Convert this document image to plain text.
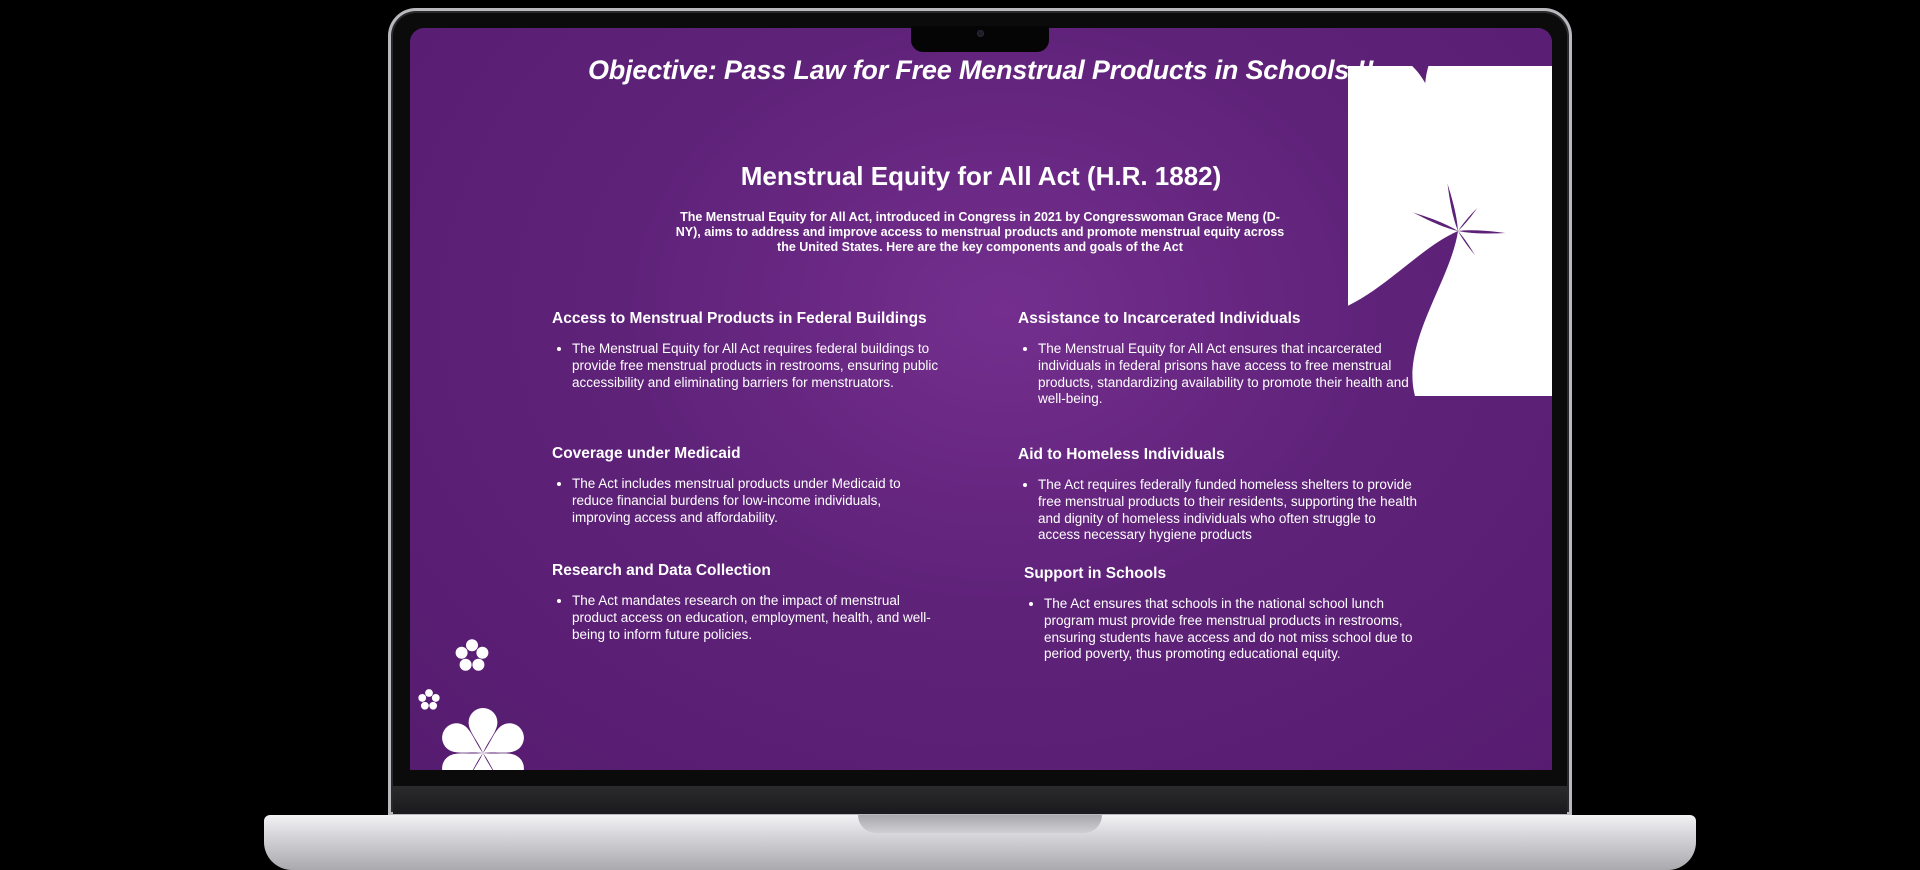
Objective: Pass Law for Free Menstrual Products in Schools !!
Menstrual Equity for All Act (H.R. 1882)
The Menstrual Equity for All Act, introduced in Congress in 2021 by Congresswoman Grace Meng (D-NY), aims to address and improve access to menstrual products and promote menstrual equity across the United States. Here are the key components and goals of the Act
Access to Menstrual Products in Federal Buildings
• The Menstrual Equity for All Act requires federal buildings to provide free menstrual products in restrooms, ensuring public accessibility and eliminating barriers for menstruators.
Coverage under Medicaid
• The Act includes menstrual products under Medicaid to reduce financial burdens for low-income individuals, improving access and affordability.
Research and Data Collection
• The Act mandates research on the impact of menstrual product access on education, employment, health, and well-being to inform future policies.
Assistance to Incarcerated Individuals
• The Menstrual Equity for All Act ensures that incarcerated individuals in federal prisons have access to free menstrual products, standardizing availability to promote their health and well-being.
Aid to Homeless Individuals
• The Act requires federally funded homeless shelters to provide free menstrual products to their residents, supporting the health and dignity of homeless individuals who often struggle to access necessary hygiene products
Support in Schools
• The Act ensures that schools in the national school lunch program must provide free menstrual products in restrooms, ensuring students have access and do not miss school due to period poverty, thus promoting educational equity.
